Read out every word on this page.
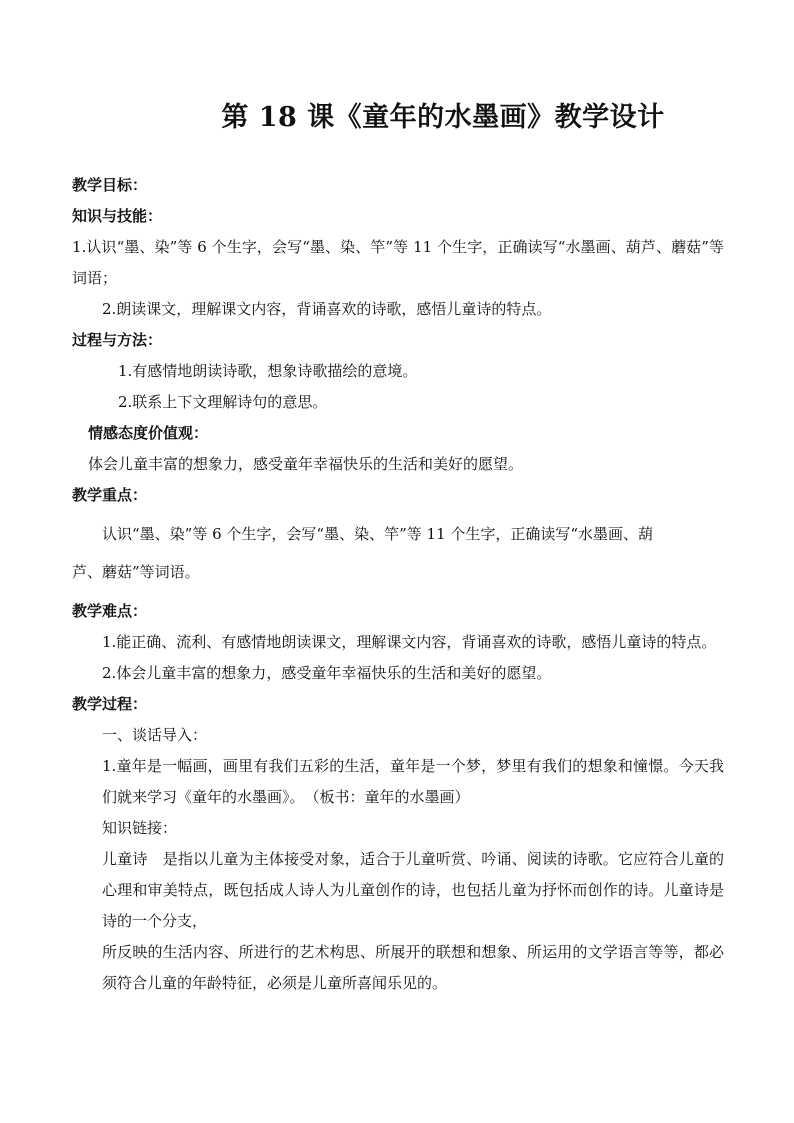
第 18 课《童年的水墨画》教学设计
教学目标：
知识与技能：
1.认识“墨、染”等 6 个生字，会写“墨、染、竿”等 11 个生字，正确读写“水墨画、葫芦、蘑菇”等词语；
2.朗读课文，理解课文内容，背诵喜欢的诗歌，感悟儿童诗的特点。
过程与方法：
1.有感情地朗读诗歌，想象诗歌描绘的意境。
2.联系上下文理解诗句的意思。
情感态度价值观：
体会儿童丰富的想象力，感受童年幸福快乐的生活和美好的愿望。
教学重点：
认识“墨、染”等 6 个生字，会写“墨、染、竿”等 11 个生字，正确读写“水墨画、葫
芦、蘑菇”等词语。
教学难点：
1.能正确、流利、有感情地朗读课文，理解课文内容，背诵喜欢的诗歌，感悟儿童诗的特点。
2.体会儿童丰富的想象力，感受童年幸福快乐的生活和美好的愿望。
教学过程：
一、谈话导入：
1.童年是一幅画，画里有我们五彩的生活，童年是一个梦，梦里有我们的想象和憧憬。今天我们就来学习《童年的水墨画》。　（板书：童年的水墨画）
知识链接：
儿童诗　是指以儿童为主体接受对象，适合于儿童听赏、吟诵、阅读的诗歌。它应符合儿童的心理和审美特点，既包括成人诗人为儿童创作的诗，也包括儿童为抒怀而创作的诗。儿童诗是诗的一个分支，
所反映的生活内容、所进行的艺术构思、所展开的联想和想象、所运用的文学语言等等，都必须符合儿童的年龄特征，必须是儿童所喜闻乐见的。
